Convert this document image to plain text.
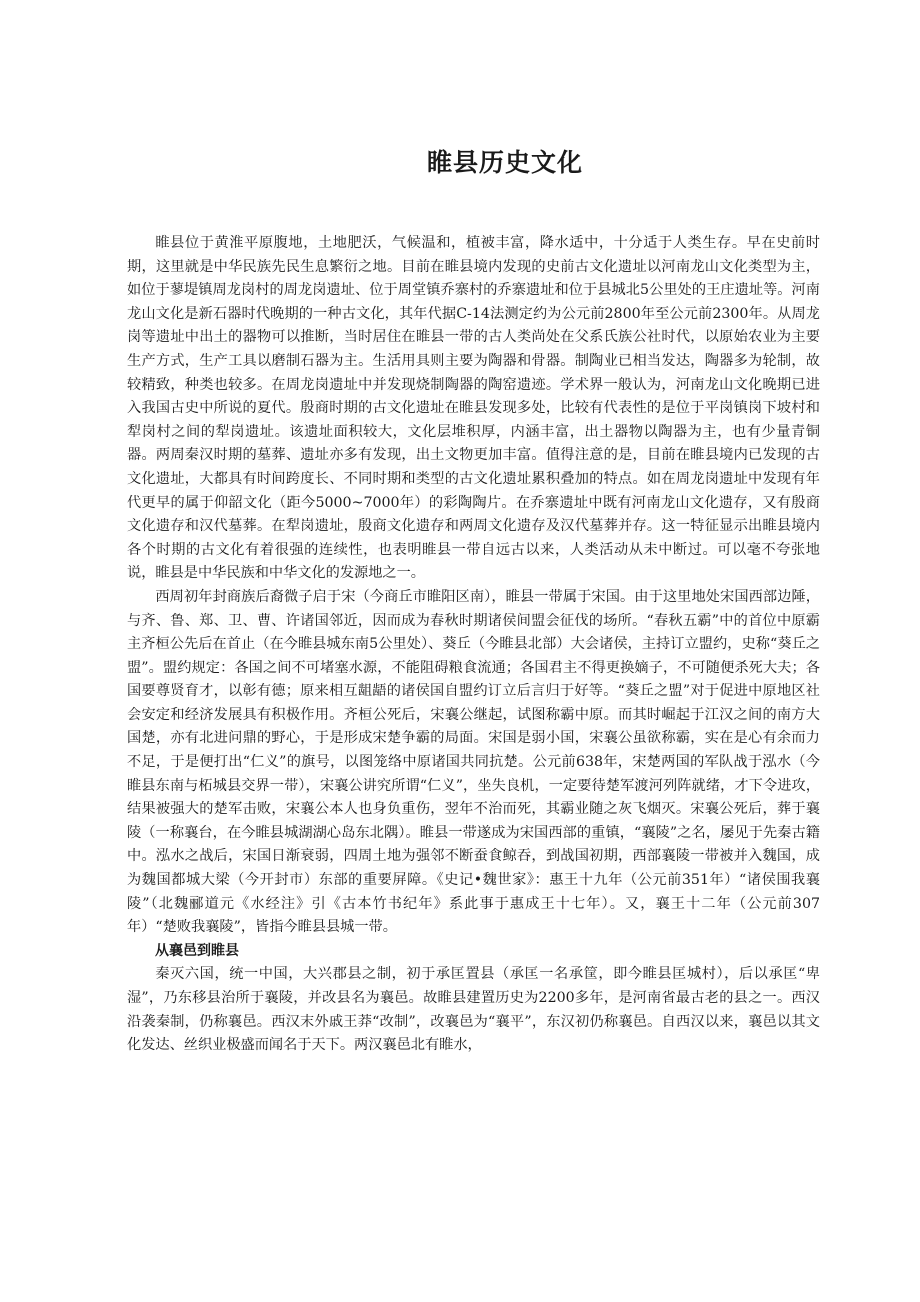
睢县历史文化

睢县位于黄淮平原腹地，土地肥沃，气候温和，植被丰富，降水适中，十分适于人类生存。早在史前时期，这里就是中华民族先民生息繁衍之地。目前在睢县境内发现的史前古文化遗址以河南龙山文化类型为主，如位于蓼堤镇周龙岗村的周龙岗遗址、位于周堂镇乔寨村的乔寨遗址和位于县城北5公里处的王庄遗址等。河南龙山文化是新石器时代晚期的一种古文化，其年代据C-14法测定约为公元前2800年至公元前2300年。从周龙岗等遗址中出土的器物可以推断，当时居住在睢县一带的古人类尚处在父系氏族公社时代，以原始农业为主要生产方式，生产工具以磨制石器为主。生活用具则主要为陶器和骨器。制陶业已相当发达，陶器多为轮制，故较精致，种类也较多。在周龙岗遗址中并发现烧制陶器的陶窑遗迹。学术界一般认为，河南龙山文化晚期已进入我国古史中所说的夏代。殷商时期的古文化遗址在睢县发现多处，比较有代表性的是位于平岗镇岗下坡村和犁岗村之间的犁岗遗址。该遗址面积较大，文化层堆积厚，内涵丰富，出土器物以陶器为主，也有少量青铜器。两周秦汉时期的墓葬、遗址亦多有发现，出土文物更加丰富。值得注意的是，目前在睢县境内已发现的古文化遗址，大都具有时间跨度长、不同时期和类型的古文化遗址累积叠加的特点。如在周龙岗遗址中发现有年代更早的属于仰韶文化（距今5000~7000年）的彩陶陶片。在乔寨遗址中既有河南龙山文化遗存，又有殷商文化遗存和汉代墓葬。在犁岗遗址，殷商文化遗存和两周文化遗存及汉代墓葬并存。这一特征显示出睢县境内各个时期的古文化有着很强的连续性，也表明睢县一带自远古以来，人类活动从未中断过。可以毫不夸张地说，睢县是中华民族和中华文化的发源地之一。

西周初年封商族后裔微子启于宋（今商丘市睢阳区南），睢县一带属于宋国。由于这里地处宋国西部边陲，与齐、鲁、郑、卫、曹、许诸国邻近，因而成为春秋时期诸侯间盟会征伐的场所。“春秋五霸”中的首位中原霸主齐桓公先后在首止（在今睢县城东南5公里处）、葵丘（今睢县北部）大会诸侯，主持订立盟约，史称“葵丘之盟”。盟约规定：各国之间不可堵塞水源，不能阻碍粮食流通；各国君主不得更换嫡子，不可随便杀死大夫；各国要尊贤育才，以彰有德；原来相互龃龉的诸侯国自盟约订立后言归于好等。“葵丘之盟”对于促进中原地区社会安定和经济发展具有积极作用。齐桓公死后，宋襄公继起，试图称霸中原。而其时崛起于江汉之间的南方大国楚，亦有北进问鼎的野心，于是形成宋楚争霸的局面。宋国是弱小国，宋襄公虽欲称霸，实在是心有余而力不足，于是便打出“仁义”的旗号，以图笼络中原诸国共同抗楚。公元前638年，宋楚两国的军队战于泓水（今睢县东南与柘城县交界一带），宋襄公讲究所谓“仁义”，坐失良机，一定要待楚军渡河列阵就绪，才下令进攻，结果被强大的楚军击败，宋襄公本人也身负重伤，翌年不治而死，其霸业随之灰飞烟灭。宋襄公死后，葬于襄陵（一称襄台，在今睢县城湖湖心岛东北隅）。睢县一带遂成为宋国西部的重镇，“襄陵”之名，屡见于先秦古籍中。泓水之战后，宋国日渐衰弱，四周土地为强邻不断蚕食鲸吞，到战国初期，西部襄陵一带被并入魏国，成为魏国都城大梁（今开封市）东部的重要屏障。《史记•魏世家》：惠王十九年（公元前351年）“诸侯围我襄陵”（北魏郦道元《水经注》引《古本竹书纪年》系此事于惠成王十七年）。又，襄王十二年（公元前307年）“楚败我襄陵”，皆指今睢县县城一带。

从襄邑到睢县

秦灭六国，统一中国，大兴郡县之制，初于承匡置县（承匡一名承筐，即今睢县匡城村），后以承匡“卑湿”，乃东移县治所于襄陵，并改县名为襄邑。故睢县建置历史为2200多年，是河南省最古老的县之一。西汉沿袭秦制，仍称襄邑。西汉末外戚王莽“改制”，改襄邑为“襄平”，东汉初仍称襄邑。自西汉以来，襄邑以其文化发达、丝织业极盛而闻名于天下。两汉襄邑北有睢水，
